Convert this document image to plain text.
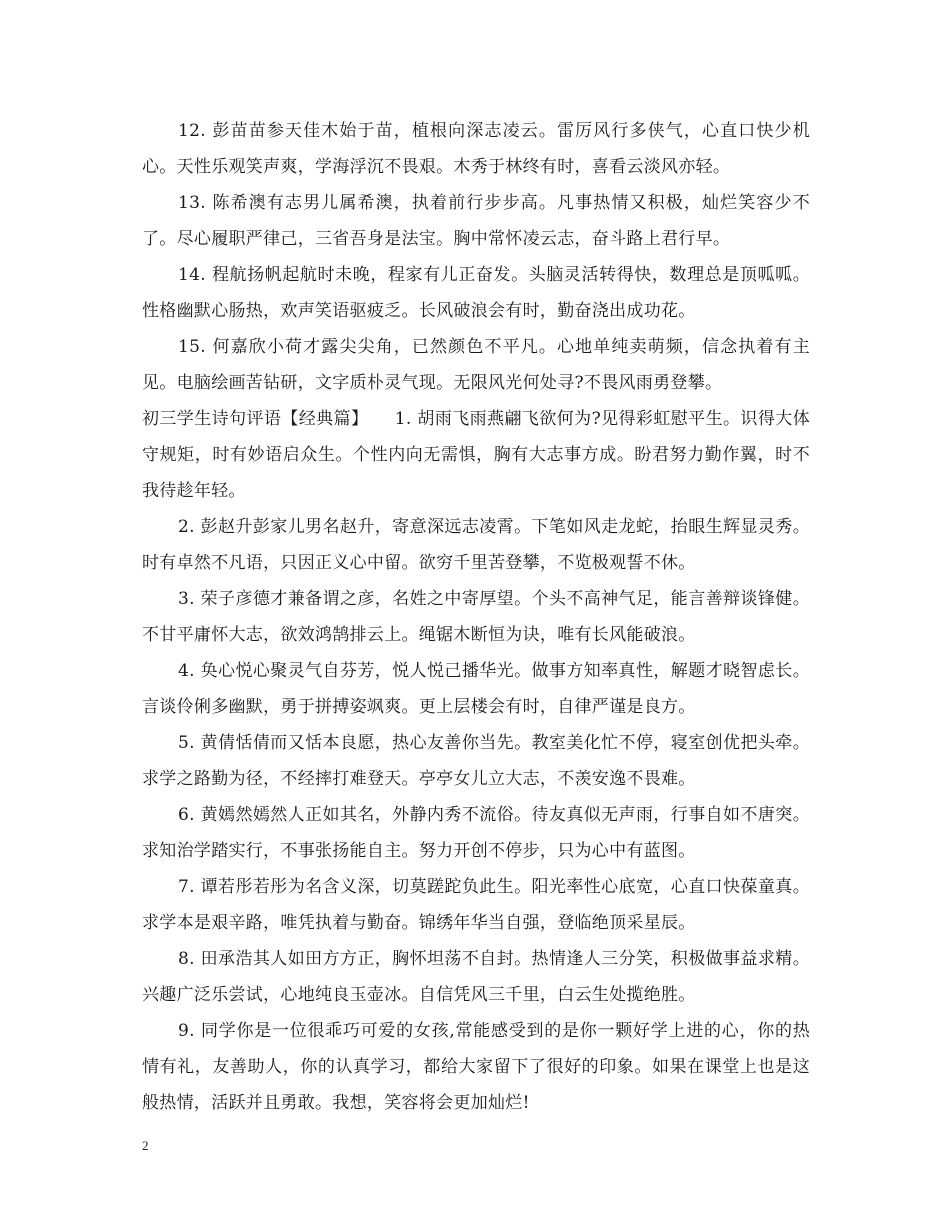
12. 彭苗苗参天佳木始于苗，植根向深志凌云。雷厉风行多侠气，心直口快少机心。天性乐观笑声爽，学海浮沉不畏艰。木秀于林终有时，喜看云淡风亦轻。

13. 陈希澳有志男儿属希澳，执着前行步步高。凡事热情又积极，灿烂笑容少不了。尽心履职严律己，三省吾身是法宝。胸中常怀凌云志，奋斗路上君行早。

14. 程航扬帆起航时未晚，程家有儿正奋发。头脑灵活转得快，数理总是顶呱呱。性格幽默心肠热，欢声笑语驱疲乏。长风破浪会有时，勤奋浇出成功花。

15. 何嘉欣小荷才露尖尖角，已然颜色不平凡。心地单纯卖萌频，信念执着有主见。电脑绘画苦钻研，文字质朴灵气现。无限风光何处寻?不畏风雨勇登攀。

初三学生诗句评语【经典篇】　　1. 胡雨飞雨燕翩飞欲何为?见得彩虹慰平生。识得大体守规矩，时有妙语启众生。个性内向无需惧，胸有大志事方成。盼君努力勤作翼，时不我待趁年轻。

2. 彭赵升彭家儿男名赵升，寄意深远志凌霄。下笔如风走龙蛇，抬眼生辉显灵秀。时有卓然不凡语，只因正义心中留。欲穷千里苦登攀，不览极观誓不休。

3. 荣子彦德才兼备谓之彦，名姓之中寄厚望。个头不高神气足，能言善辩谈锋健。不甘平庸怀大志，欲效鸿鹄排云上。绳锯木断恒为诀，唯有长风能破浪。

4. 奂心悦心聚灵气自芬芳，悦人悦己播华光。做事方知率真性，解题才晓智虑长。言谈伶俐多幽默，勇于拼搏姿飒爽。更上层楼会有时，自律严谨是良方。

5. 黄倩恬倩而又恬本良愿，热心友善你当先。教室美化忙不停，寝室创优把头牵。求学之路勤为径，不经摔打难登天。亭亭女儿立大志，不羡安逸不畏难。

6. 黄嫣然嫣然人正如其名，外静内秀不流俗。待友真似无声雨，行事自如不唐突。求知治学踏实行，不事张扬能自主。努力开创不停步，只为心中有蓝图。

7. 谭若彤若彤为名含义深，切莫蹉跎负此生。阳光率性心底宽，心直口快葆童真。求学本是艰辛路，唯凭执着与勤奋。锦绣年华当自强，登临绝顶采星辰。

8. 田承浩其人如田方方正，胸怀坦荡不自封。热情逢人三分笑，积极做事益求精。兴趣广泛乐尝试，心地纯良玉壶冰。自信凭风三千里，白云生处揽绝胜。

9. 同学你是一位很乖巧可爱的女孩,常能感受到的是你一颗好学上进的心，你的热情有礼，友善助人，你的认真学习，都给大家留下了很好的印象。如果在课堂上也是这般热情，活跃并且勇敢。我想，笑容将会更加灿烂!

2
